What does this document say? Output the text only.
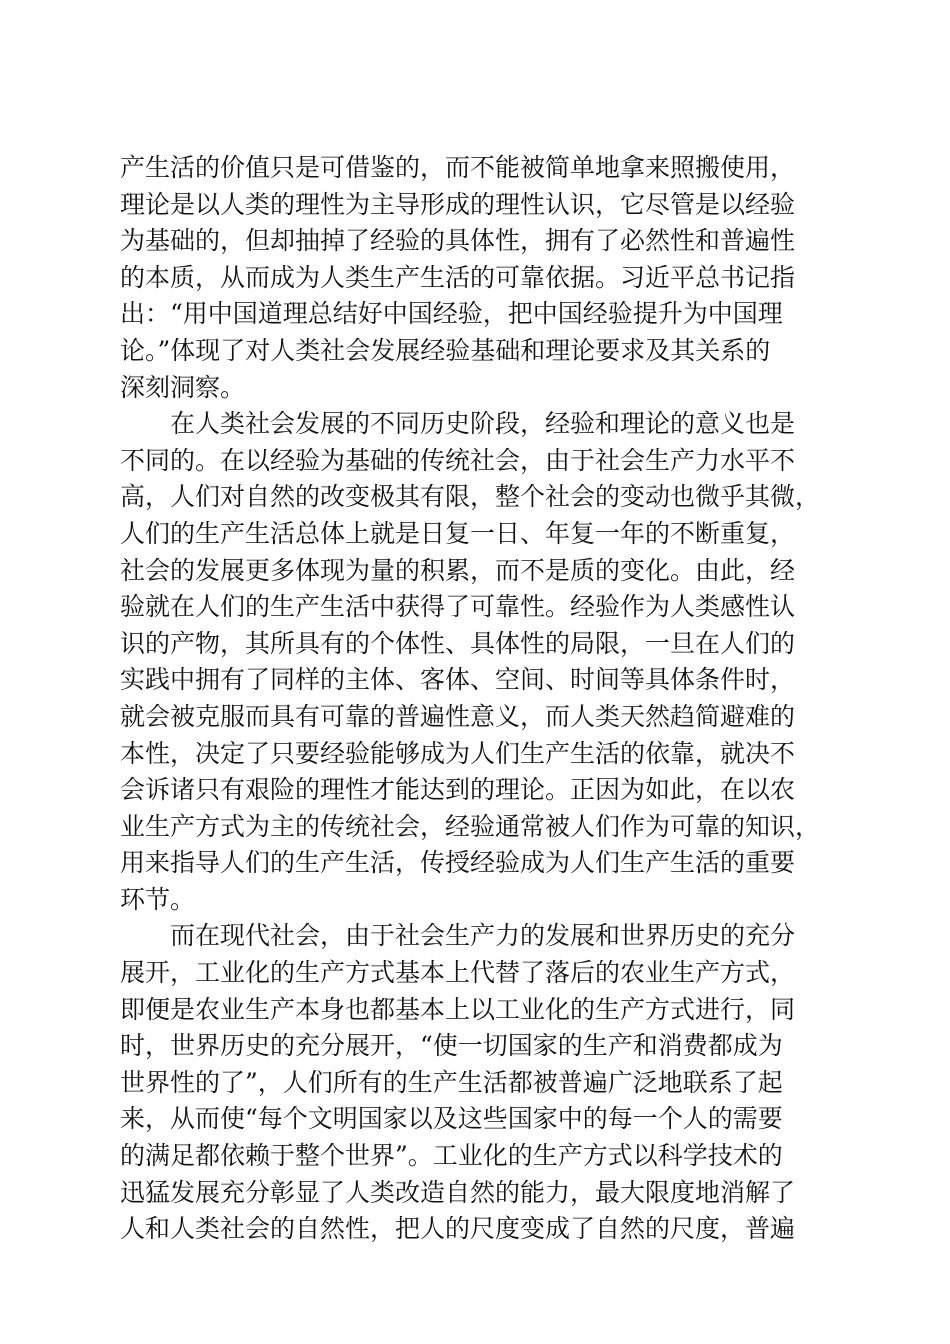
产生活的价值只是可借鉴的，而不能被简单地拿来照搬使用，
理论是以人类的理性为主导形成的理性认识，它尽管是以经验
为基础的，但却抽掉了经验的具体性，拥有了必然性和普遍性
的本质，从而成为人类生产生活的可靠依据。习近平总书记指
出：“用中国道理总结好中国经验，把中国经验提升为中国理
论。”体现了对人类社会发展经验基础和理论要求及其关系的
深刻洞察。
　　在人类社会发展的不同历史阶段，经验和理论的意义也是
不同的。在以经验为基础的传统社会，由于社会生产力水平不
高，人们对自然的改变极其有限，整个社会的变动也微乎其微，
人们的生产生活总体上就是日复一日、年复一年的不断重复，
社会的发展更多体现为量的积累，而不是质的变化。由此，经
验就在人们的生产生活中获得了可靠性。经验作为人类感性认
识的产物，其所具有的个体性、具体性的局限，一旦在人们的
实践中拥有了同样的主体、客体、空间、时间等具体条件时，
就会被克服而具有可靠的普遍性意义，而人类天然趋简避难的
本性，决定了只要经验能够成为人们生产生活的依靠，就决不
会诉诸只有艰险的理性才能达到的理论。正因为如此，在以农
业生产方式为主的传统社会，经验通常被人们作为可靠的知识，
用来指导人们的生产生活，传授经验成为人们生产生活的重要
环节。
　　而在现代社会，由于社会生产力的发展和世界历史的充分
展开，工业化的生产方式基本上代替了落后的农业生产方式，
即便是农业生产本身也都基本上以工业化的生产方式进行，同
时，世界历史的充分展开，“使一切国家的生产和消费都成为
世界性的了”，人们所有的生产生活都被普遍广泛地联系了起
来，从而使“每个文明国家以及这些国家中的每一个人的需要
的满足都依赖于整个世界”。工业化的生产方式以科学技术的
迅猛发展充分彰显了人类改造自然的能力，最大限度地消解了
人和人类社会的自然性，把人的尺度变成了自然的尺度，普遍
